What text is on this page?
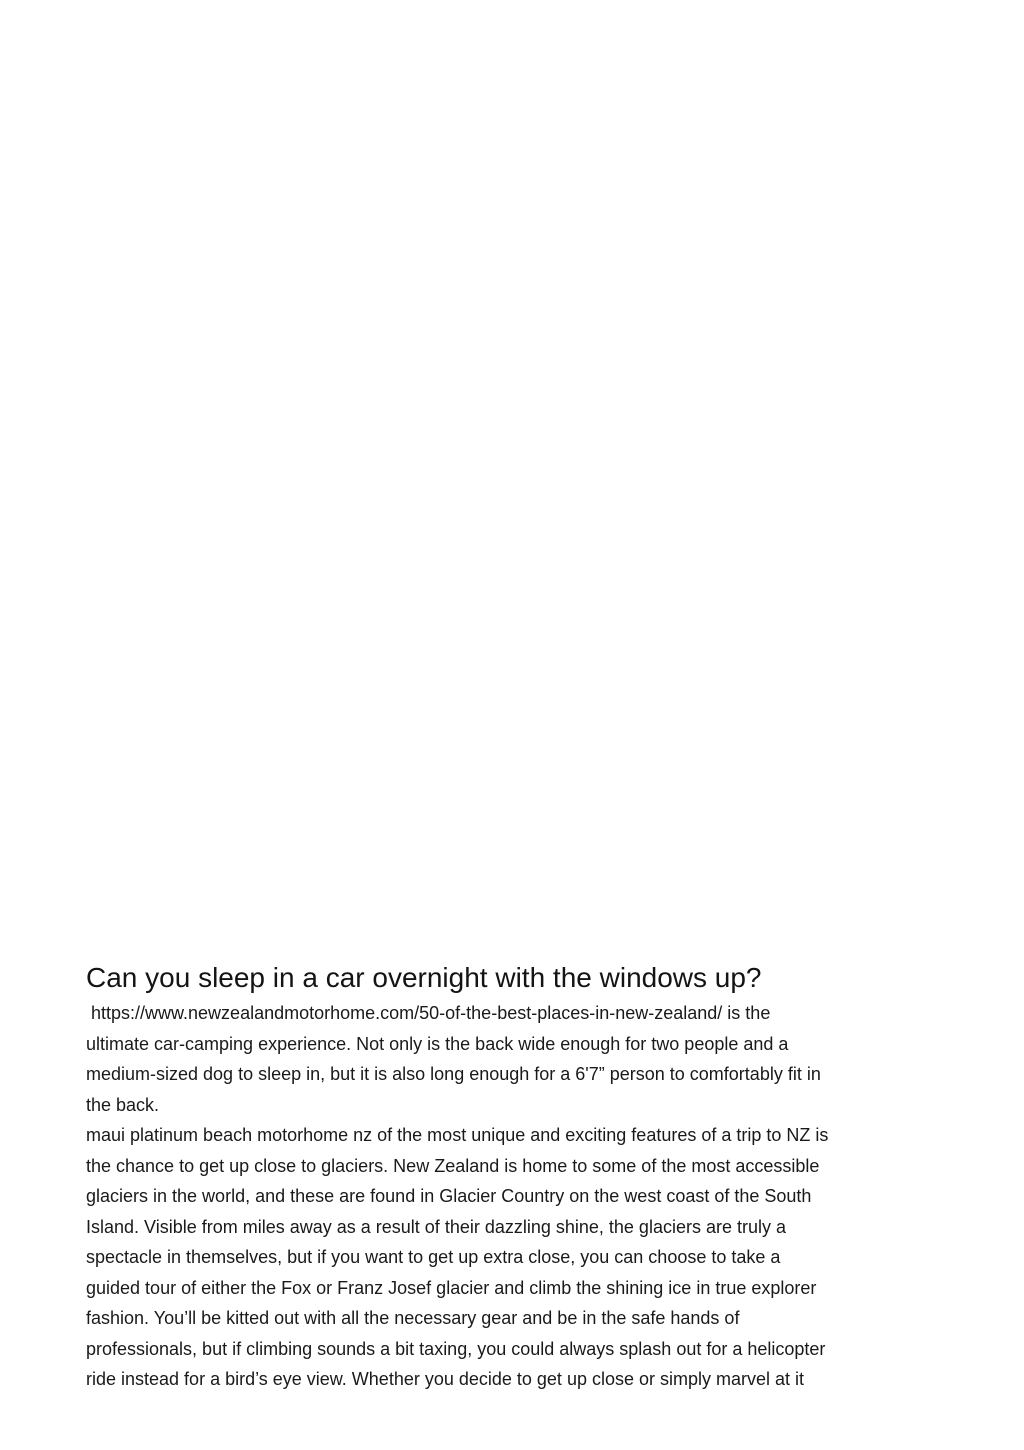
Can you sleep in a car overnight with the windows up?

https://www.newzealandmotorhome.com/50-of-the-best-places-in-new-zealand/ is the
ultimate car-camping experience. Not only is the back wide enough for two people and a
medium-sized dog to sleep in, but it is also long enough for a 6'7” person to comfortably fit in
the back.

maui platinum beach motorhome nz of the most unique and exciting features of a trip to NZ is
the chance to get up close to glaciers. New Zealand is home to some of the most accessible
glaciers in the world, and these are found in Glacier Country on the west coast of the South
Island. Visible from miles away as a result of their dazzling shine, the glaciers are truly a
spectacle in themselves, but if you want to get up extra close, you can choose to take a
guided tour of either the Fox or Franz Josef glacier and climb the shining ice in true explorer
fashion. You’ll be kitted out with all the necessary gear and be in the safe hands of
professionals, but if climbing sounds a bit taxing, you could always splash out for a helicopter
ride instead for a bird’s eye view. Whether you decide to get up close or simply marvel at it
